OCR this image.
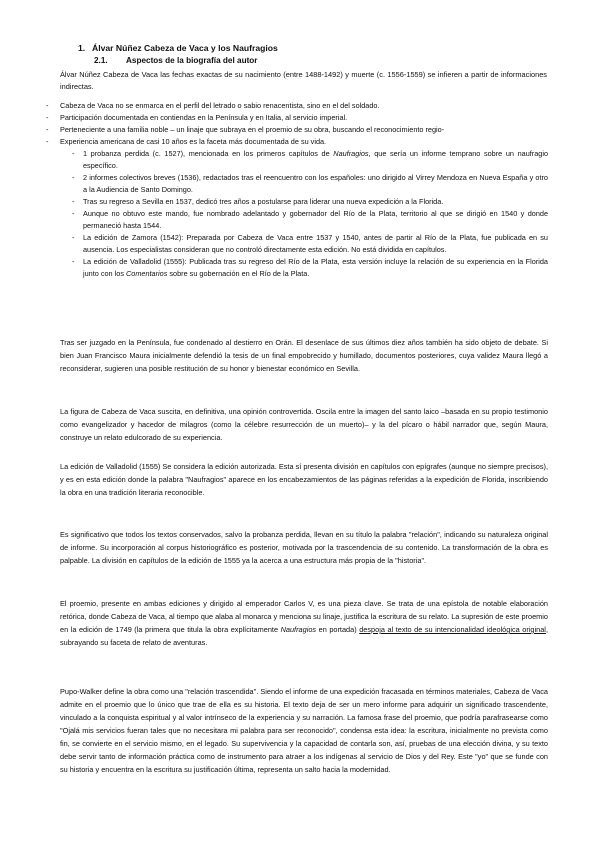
1. Álvar Núñez Cabeza de Vaca y los Naufragios
2.1. Aspectos de la biografía del autor

Álvar Núñez Cabeza de Vaca las fechas exactas de su nacimiento (entre 1488-1492) y muerte (c. 1556-1559) se infieren a partir de informaciones indirectas.

- Cabeza de Vaca no se enmarca en el perfil del letrado o sabio renacentista, sino en el del soldado.
- Participación documentada en contiendas en la Península y en Italia, al servicio imperial.
- Perteneciente a una familia noble – un linaje que subraya en el proemio de su obra, buscando el reconocimiento regio-
- Experiencia americana de casi 10 años es la faceta más documentada de su vida.
- 1 probanza perdida (c. 1527), mencionada en los primeros capítulos de Naufragios, que sería un informe temprano sobre un naufragio específico.
- 2 informes colectivos breves (1536), redactados tras el reencuentro con los españoles: uno dirigido al Virrey Mendoza en Nueva España y otro a la Audiencia de Santo Domingo.
- Tras su regreso a Sevilla en 1537, dedicó tres años a postularse para liderar una nueva expedición a la Florida.
- Aunque no obtuvo este mando, fue nombrado adelantado y gobernador del Río de la Plata, territorio al que se dirigió en 1540 y donde permaneció hasta 1544.
- La edición de Zamora (1542): Preparada por Cabeza de Vaca entre 1537 y 1540, antes de partir al Río de la Plata, fue publicada en su ausencia. Los especialistas consideran que no controló directamente esta edición. No está dividida en capítulos.
- La edición de Valladolid (1555): Publicada tras su regreso del Río de la Plata, esta versión incluye la relación de su experiencia en la Florida junto con los Comentarios sobre su gobernación en el Río de la Plata.

Tras ser juzgado en la Península, fue condenado al destierro en Orán. El desenlace de sus últimos diez años también ha sido objeto de debate. Si bien Juan Francisco Maura inicialmente defendió la tesis de un final empobrecido y humillado, documentos posteriores, cuya validez Maura llegó a reconsiderar, sugieren una posible restitución de su honor y bienestar económico en Sevilla.

La figura de Cabeza de Vaca suscita, en definitiva, una opinión controvertida. Oscila entre la imagen del santo laico –basada en su propio testimonio como evangelizador y hacedor de milagros (como la célebre resurrección de un muerto)– y la del pícaro o hábil narrador que, según Maura, construye un relato edulcorado de su experiencia.

La edición de Valladolid (1555) Se considera la edición autorizada. Esta sí presenta división en capítulos con epígrafes (aunque no siempre precisos), y es en esta edición donde la palabra "Naufragios" aparece en los encabezamientos de las páginas referidas a la expedición de Florida, inscribiendo la obra en una tradición literaria reconocible.

Es significativo que todos los textos conservados, salvo la probanza perdida, llevan en su título la palabra "relación", indicando su naturaleza original de informe. Su incorporación al corpus historiográfico es posterior, motivada por la trascendencia de su contenido. La transformación de la obra es palpable. La división en capítulos de la edición de 1555 ya la acerca a una estructura más propia de la "historia".

El proemio, presente en ambas ediciones y dirigido al emperador Carlos V, es una pieza clave. Se trata de una epístola de notable elaboración retórica, donde Cabeza de Vaca, al tiempo que alaba al monarca y menciona su linaje, justifica la escritura de su relato. La supresión de este proemio en la edición de 1749 (la primera que titula la obra explícitamente Naufragios en portada) despoja al texto de su intencionalidad ideológica original, subrayando su faceta de relato de aventuras.

Pupo-Walker define la obra como una "relación trascendida". Siendo el informe de una expedición fracasada en términos materiales, Cabeza de Vaca admite en el proemio que lo único que trae de ella es su historia. El texto deja de ser un mero informe para adquirir un significado trascendente, vinculado a la conquista espiritual y al valor intrínseco de la experiencia y su narración. La famosa frase del proemio, que podría parafrasearse como "Ojalá mis servicios fueran tales que no necesitara mi palabra para ser reconocido", condensa esta idea: la escritura, inicialmente no prevista como fin, se convierte en el servicio mismo, en el legado. Su supervivencia y la capacidad de contarla son, así, pruebas de una elección divina, y su texto debe servir tanto de información práctica como de instrumento para atraer a los indígenas al servicio de Dios y del Rey. Este "yo" que se funde con su historia y encuentra en la escritura su justificación última, representa un salto hacia la modernidad.
